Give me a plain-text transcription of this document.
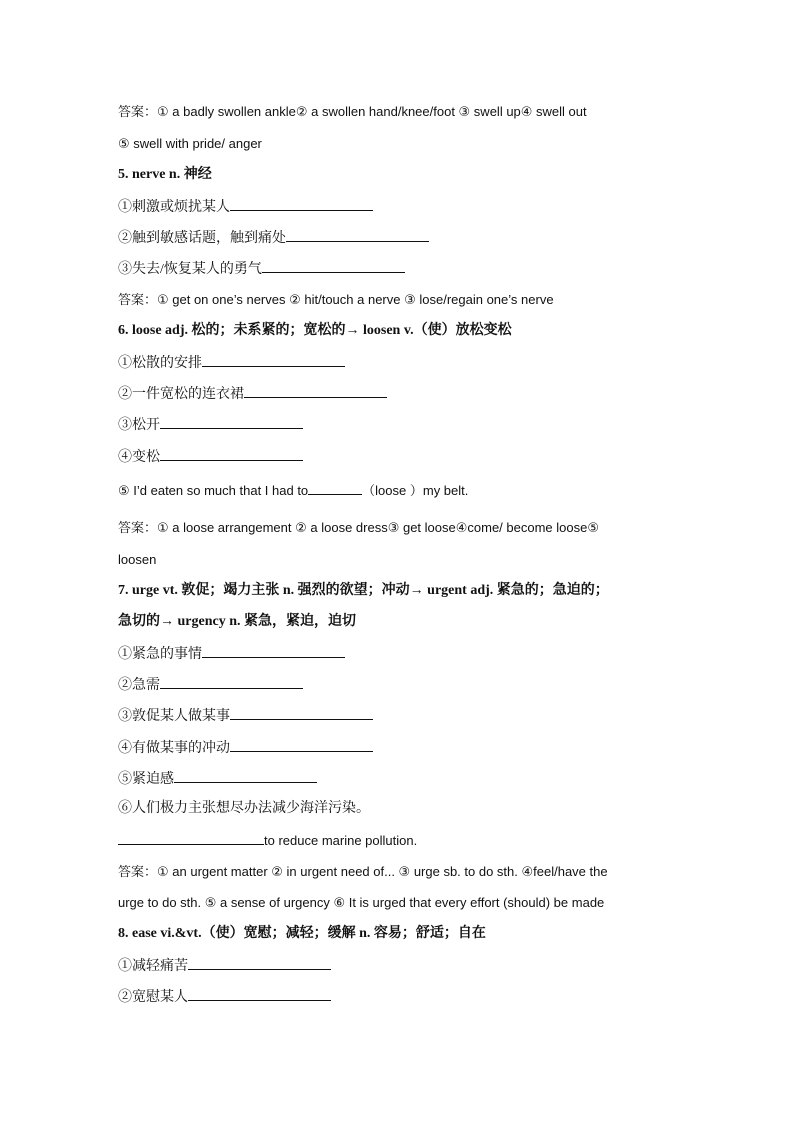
答案：① a badly swollen ankle② a swollen hand/knee/foot ③ swell up④ swell out
⑤ swell with pride/ anger
5. nerve n. 神经
①刺激或烦扰某人
②触到敏感话题，触到痛处
③失去/恢复某人的勇气
答案：① get on one’s nerves ② hit/touch a nerve ③ lose/regain one’s nerve
6. loose adj. 松的；未系紧的；宽松的→ loosen v.（使）放松变松
①松散的安排
②一件宽松的连衣裙
③松开
④变松
⑤ I’d eaten so much that I had to	（loose ）my belt.
答案：① a loose arrangement ② a loose dress③ get loose④come/ become loose⑤
loosen
7. urge vt. 敦促；竭力主张 n. 强烈的欲望；冲动→ urgent adj. 紧急的；急迫的；
急切的→ urgency n. 紧急，紧迫，迫切
①紧急的事情
②急需
③敦促某人做某事
④有做某事的冲动
⑤紧迫感
⑥人们极力主张想尽办法减少海洋污染。
to reduce marine pollution.
答案：① an urgent matter ② in urgent need of... ③ urge sb. to do sth. ④feel/have the
urge to do sth. ⑤ a sense of urgency ⑥ It is urged that every effort (should) be made
8. ease vi.&vt.（使）宽慰；减轻；缓解 n. 容易；舒适；自在
①减轻痛苦
②宽慰某人
